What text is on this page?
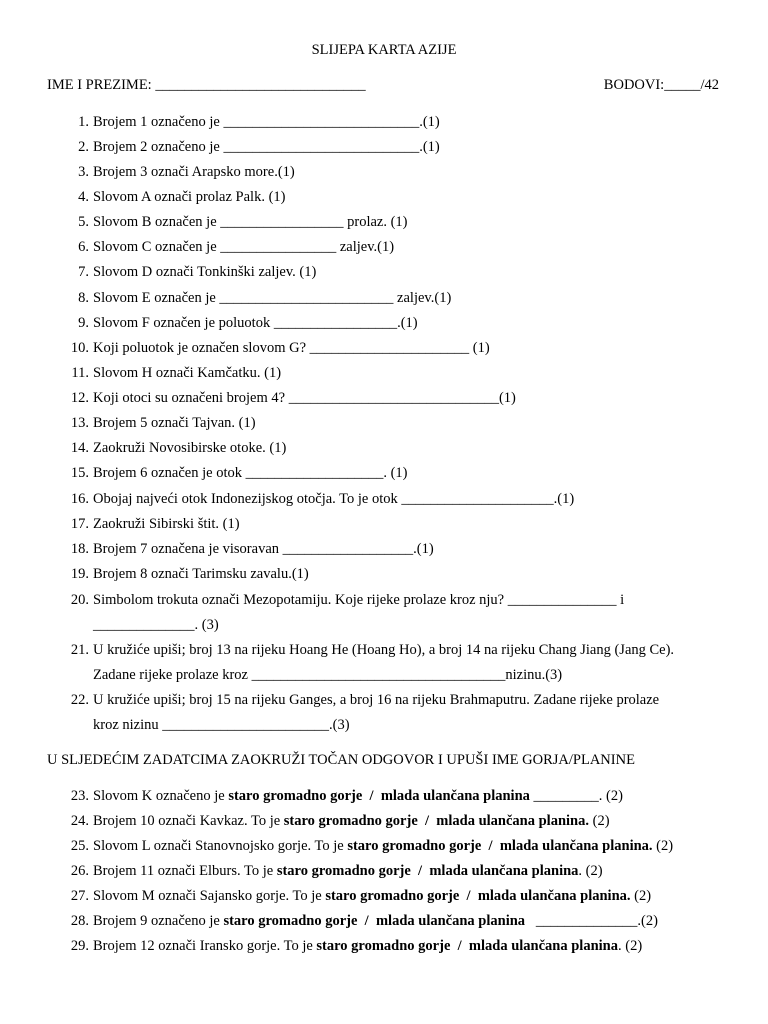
SLIJEPA KARTA AZIJE
IME I PREZIME: _____________________________	BODOVI:_____/42
1. Brojem 1 označeno je ___________________________.(1)
2. Brojem 2 označeno je ___________________________.(1)
3. Brojem 3 označi Arapsko more.(1)
4. Slovom A označi prolaz Palk. (1)
5. Slovom B označen je _________________ prolaz. (1)
6. Slovom C označen je ________________ zaljev.(1)
7. Slovom D označi Tonkinški zaljev. (1)
8. Slovom E označen je ________________________ zaljev.(1)
9. Slovom F označen je poluotok _________________.(1)
10. Koji poluotok je označen slovom G? ______________________ (1)
11. Slovom H označi Kamčatku. (1)
12. Koji otoci su označeni brojem 4? _____________________________(1)
13. Brojem 5 označi Tajvan. (1)
14. Zaokruži Novosibirske otoke. (1)
15. Brojem 6 označen je otok ___________________. (1)
16. Obojaj najveći otok Indonezijskog otočja. To je otok _____________________.(1)
17. Zaokruži Sibirski štit. (1)
18. Brojem 7 označena je visoravan __________________.(1)
19. Brojem 8 označi Tarimsku zavalu.(1)
20. Simbolom trokuta označi Mezopotamiju. Koje rijeke prolaze kroz nju? _______________ i
______________. (3)
21. U kružiće upiši; broj 13 na rijeku Hoang He (Hoang Ho), a broj 14 na rijeku Chang Jiang (Jang Ce).
Zadane rijeke prolaze kroz ___________________________________nizinu.(3)
22. U kružiće upiši; broj 15 na rijeku Ganges, a broj 16 na rijeku Brahmaputru. Zadane rijeke prolaze
kroz nizinu _______________________.(3)
U SLJEDEĆIM ZADATCIMA ZAOKRUŽI TOČAN ODGOVOR I UPUŠI IME GORJA/PLANINE
23. Slovom K označeno je staro gromadno gorje  /  mlada ulančana planina _________. (2)
24. Brojem 10 označi Kavkaz. To je staro gromadno gorje  /  mlada ulančana planina. (2)
25. Slovom L označi Stanovnojsko gorje. To je staro gromadno gorje  /  mlada ulančana planina. (2)
26. Brojem 11 označi Elburs. To je staro gromadno gorje  /  mlada ulančana planina. (2)
27. Slovom M označi Sajansko gorje. To je staro gromadno gorje  /  mlada ulančana planina. (2)
28. Brojem 9 označeno je staro gromadno gorje  /  mlada ulančana planina   ______________.(2)
29. Brojem 12 označi Iransko gorje. To je staro gromadno gorje  /  mlada ulančana planina. (2)
